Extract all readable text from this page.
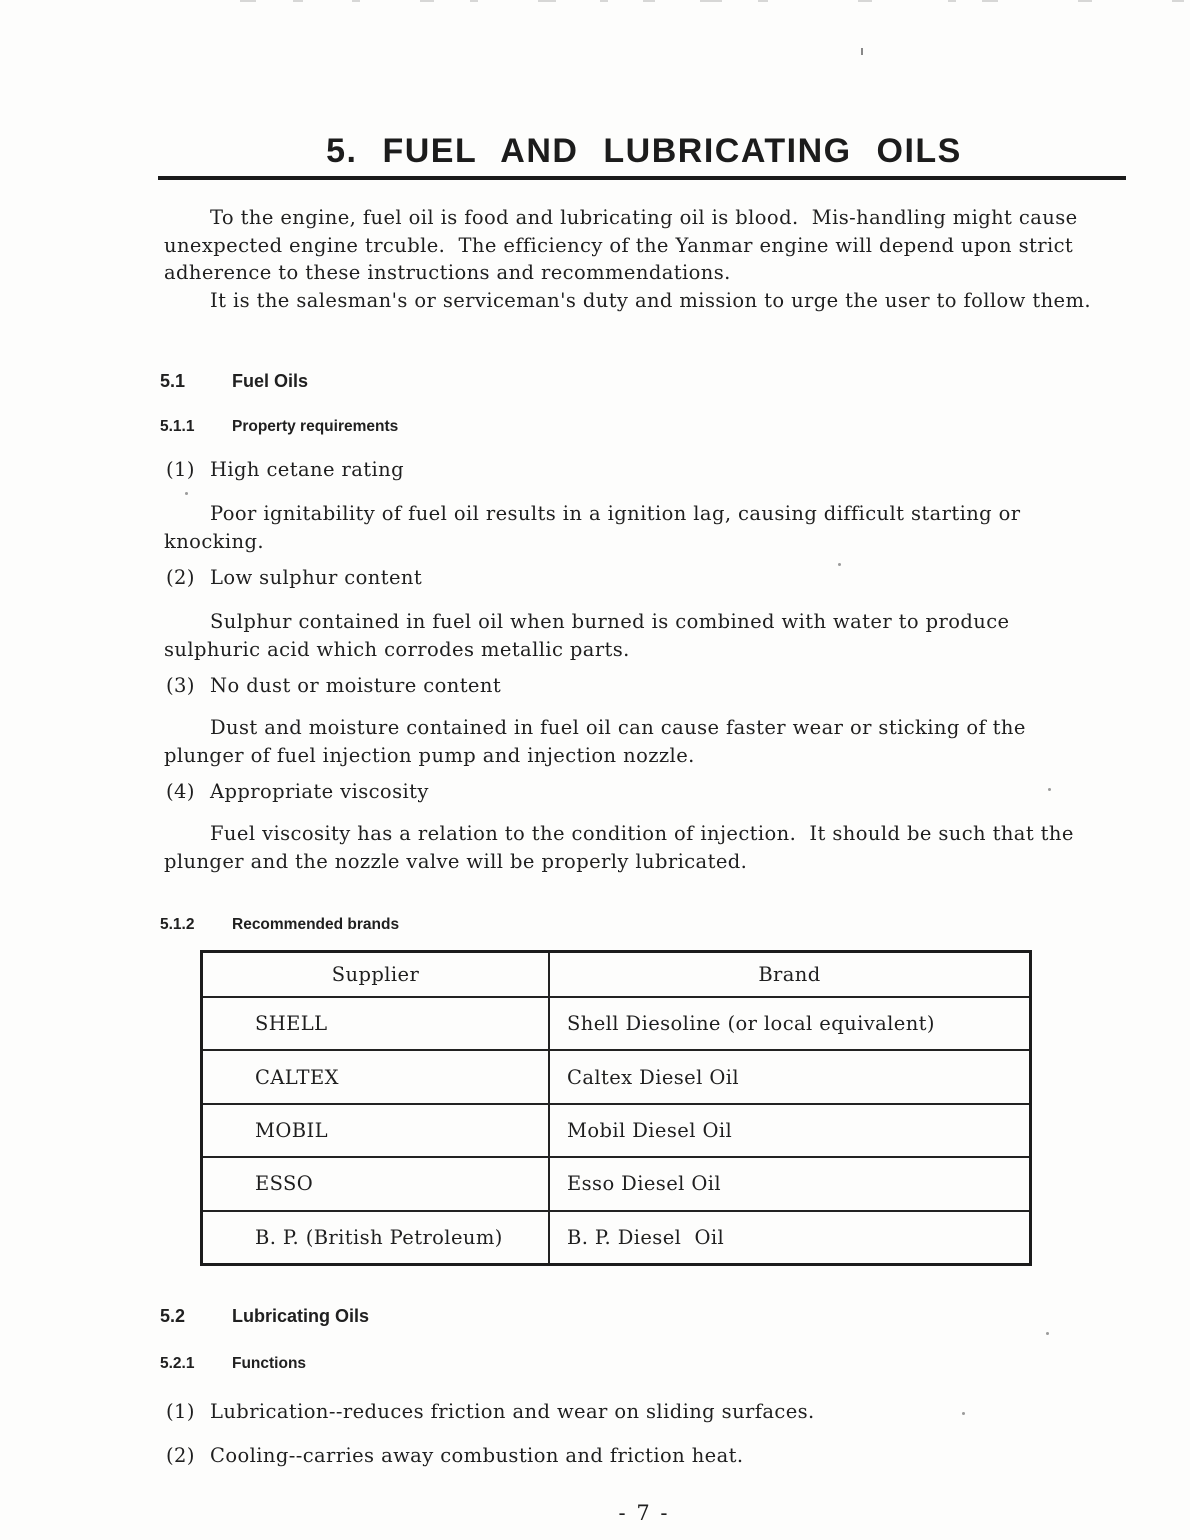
5. FUEL AND LUBRICATING OILS
To the engine, fuel oil is food and lubricating oil is blood.  Mis-handling might cause
unexpected engine trcuble.  The efficiency of the Yanmar engine will depend upon strict
adherence to these instructions and recommendations.
It is the salesman's or serviceman's duty and mission to urge the user to follow them.
5.1	Fuel Oils
5.1.1	Property requirements
(1) High cetane rating
Poor ignitability of fuel oil results in a ignition lag, causing difficult starting or
knocking.
(2) Low sulphur content
Sulphur contained in fuel oil when burned is combined with water to produce
sulphuric acid which corrodes metallic parts.
(3) No dust or moisture content
Dust and moisture contained in fuel oil can cause faster wear or sticking of the
plunger of fuel injection pump and injection nozzle.
(4) Appropriate viscosity
Fuel viscosity has a relation to the condition of injection.  It should be such that the
plunger and the nozzle valve will be properly lubricated.
5.1.2	Recommended brands
Supplier	Brand
SHELL	Shell Diesoline (or local equivalent)
CALTEX	Caltex Diesel Oil
MOBIL	Mobil Diesel Oil
ESSO	Esso Diesel Oil
B. P. (British Petroleum)	B. P. Diesel  Oil
5.2	Lubricating Oils
5.2.1	Functions
(1) Lubrication--reduces friction and wear on sliding surfaces.
(2) Cooling--carries away combustion and friction heat.
- 7 -
